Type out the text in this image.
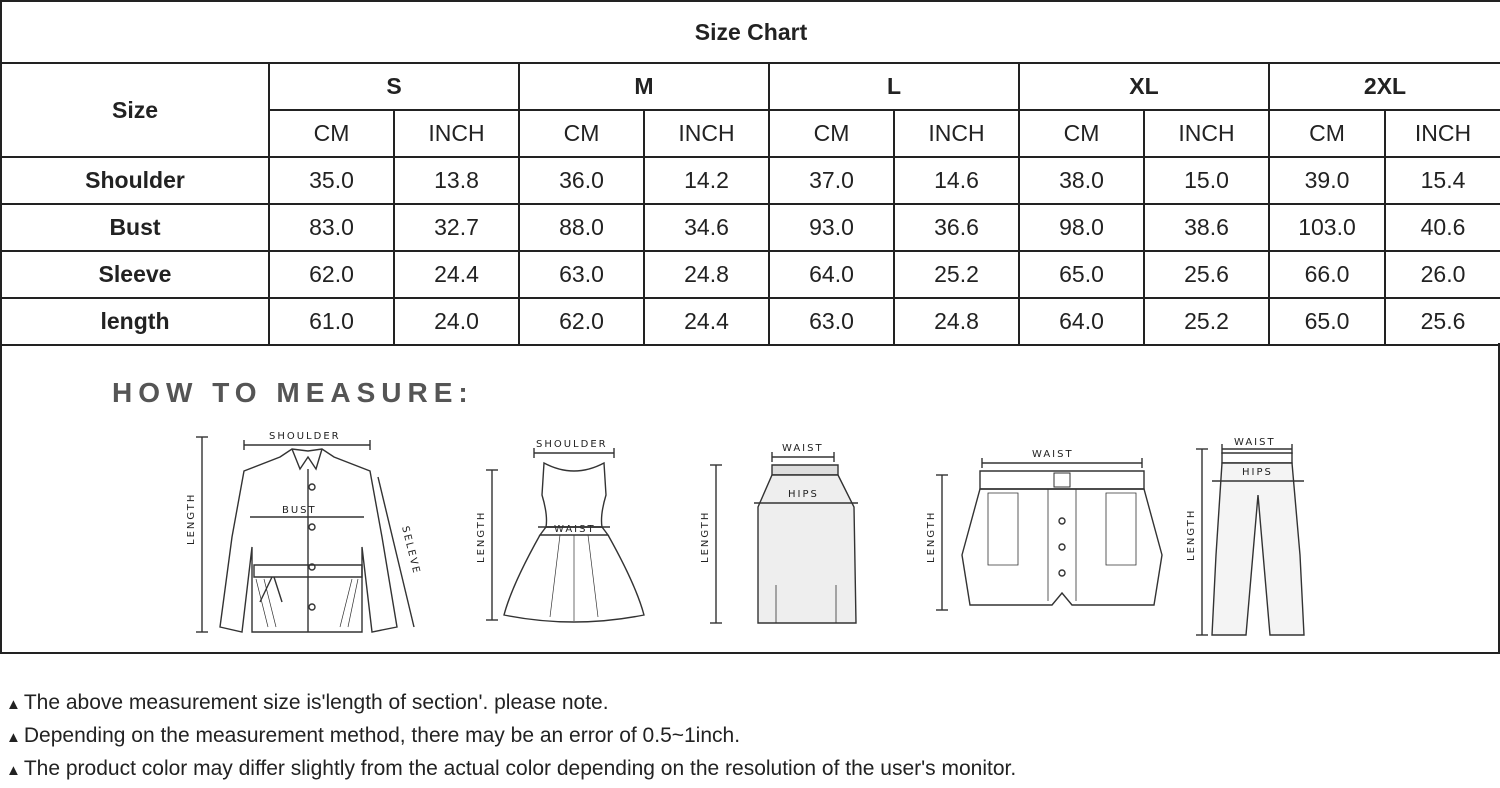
Size Chart										
Size	S		M		L		XL		2XL	
	CM	INCH	CM	INCH	CM	INCH	CM	INCH	CM	INCH
Shoulder	35.0	13.8	36.0	14.2	37.0	14.6	38.0	15.0	39.0	15.4
Bust	83.0	32.7	88.0	34.6	93.0	36.6	98.0	38.6	103.0	40.6
Sleeve	62.0	24.4	63.0	24.8	64.0	25.2	65.0	25.6	66.0	26.0
length	61.0	24.0	62.0	24.4	63.0	24.8	64.0	25.2	65.0	25.6
HOW TO MEASURE:
SHOULDER
LENGTH	BUST
SELEVE
SHOULDER
LENGTH	WAIST
WAIST
LENGTH
HIPS
WAIST
LENGTH
WAIST
LENGTH
HIPS
▲ The above measurement size is'length of section'. please note.
▲ Depending on the measurement method, there may be an error of 0.5~1inch.
▲ The product color may differ slightly from the actual color depending on the resolution of the user's monitor.
